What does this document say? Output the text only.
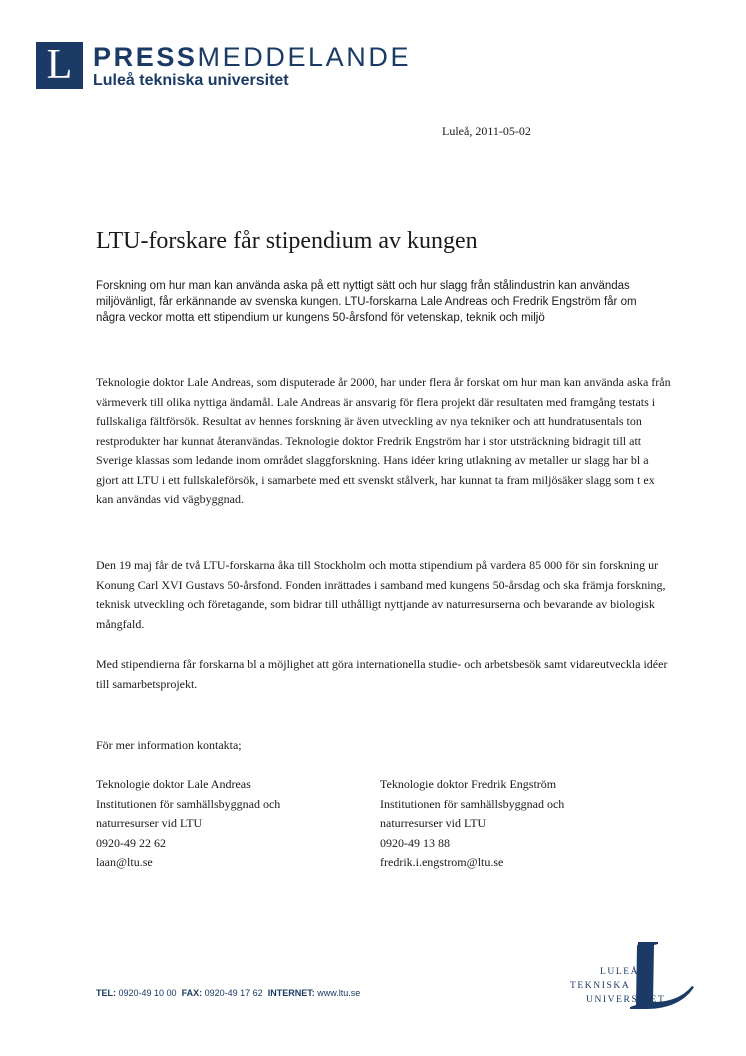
L PRESSMEDDELANDE
Luleå tekniska universitet
Luleå, 2011-05-02
LTU-forskare får stipendium av kungen

Forskning om hur man kan använda aska på ett nyttigt sätt och hur slagg från stålindustrin kan användas miljövänligt, får erkännande av svenska kungen. LTU-forskarna Lale Andreas och Fredrik Engström får om några veckor motta ett stipendium ur kungens 50-årsfond för vetenskap, teknik och miljö

Teknologie doktor Lale Andreas, som disputerade år 2000, har under flera år forskat om hur man kan använda aska från värmeverk till olika nyttiga ändamål. Lale Andreas är ansvarig för flera projekt där resultaten med framgång testats i fullskaliga fältförsök. Resultat av hennes forskning är även utveckling av nya tekniker och att hundratusentals ton restprodukter har kunnat återanvändas. Teknologie doktor Fredrik Engström har i stor utsträckning bidragit till att Sverige klassas som ledande inom området slaggforskning. Hans idéer kring utlakning av metaller ur slagg har bl a gjort att LTU i ett fullskaleförsök, i samarbete med ett svenskt stålverk, har kunnat ta fram miljösäker slagg som t ex kan användas vid vägbyggnad.

Den 19 maj får de två LTU-forskarna åka till Stockholm och motta stipendium på vardera 85 000 för sin forskning ur Konung Carl XVI Gustavs 50-årsfond. Fonden inrättades i samband med kungens 50-årsdag och ska främja forskning, teknisk utveckling och företagande, som bidrar till uthålligt nyttjande av naturresurserna och bevarande av biologisk mångfald.

Med stipendierna får forskarna bl a möjlighet att göra internationella studie- och arbetsbesök samt vidareutveckla idéer till samarbetsprojekt.

För mer information kontakta;

Teknologie doktor Lale Andreas
Institutionen för samhällsbyggnad och
naturresurser vid LTU
0920-49 22 62
laan@ltu.se
Teknologie doktor Fredrik Engström
Institutionen för samhällsbyggnad och
naturresurser vid LTU
0920-49 13 88
fredrik.i.engstrom@ltu.se
TEL: 0920-49 10 00 FAX: 0920-49 17 62 INTERNET: www.ltu.se
LULEÅ
TEKNISKA
UNIVERSITET
